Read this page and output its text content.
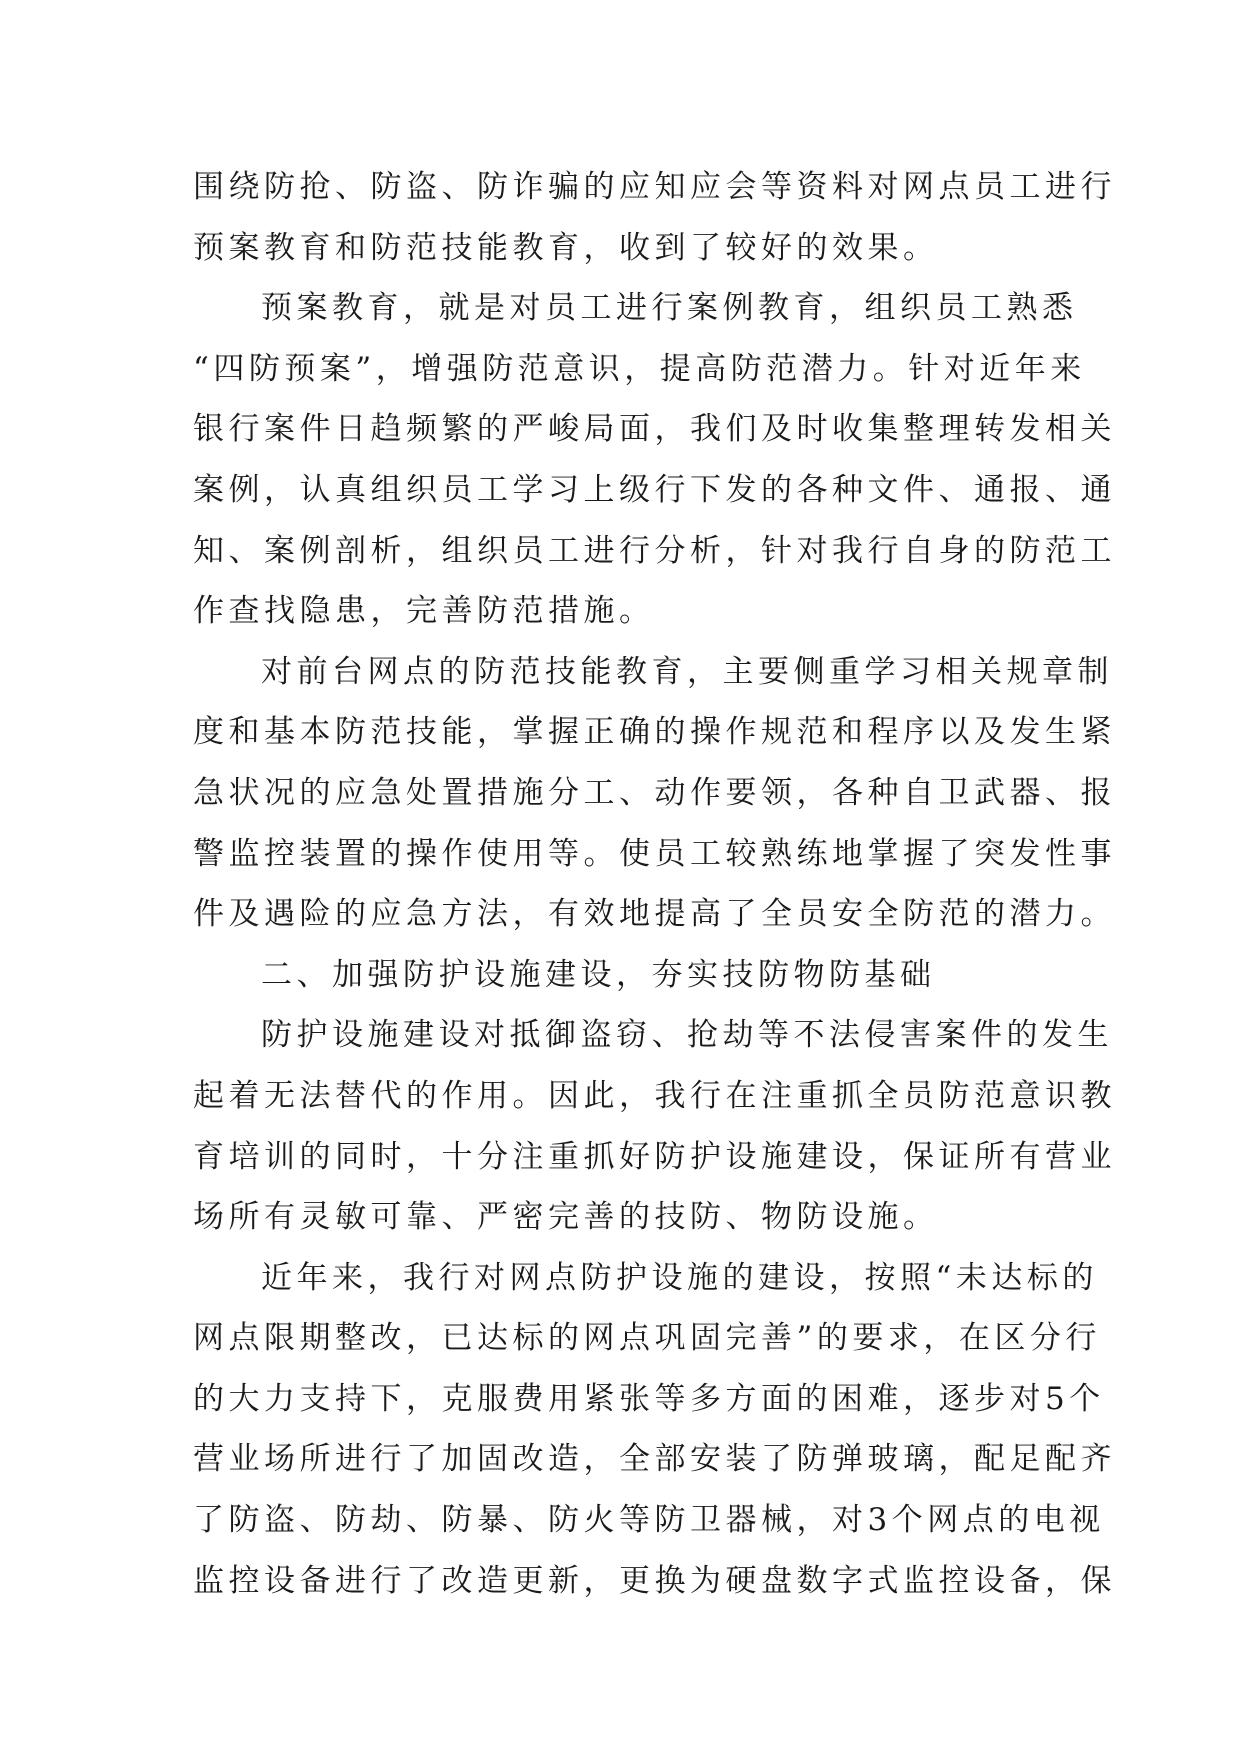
围绕防抢、防盗、防诈骗的应知应会等资料对网点员工进行
预案教育和防范技能教育，收到了较好的效果。
预案教育，就是对员工进行案例教育，组织员工熟悉
“四防预案”，增强防范意识，提高防范潜力。针对近年来
银行案件日趋频繁的严峻局面，我们及时收集整理转发相关
案例，认真组织员工学习上级行下发的各种文件、通报、通
知、案例剖析，组织员工进行分析，针对我行自身的防范工
作查找隐患，完善防范措施。
对前台网点的防范技能教育，主要侧重学习相关规章制
度和基本防范技能，掌握正确的操作规范和程序以及发生紧
急状况的应急处置措施分工、动作要领，各种自卫武器、报
警监控装置的操作使用等。使员工较熟练地掌握了突发性事
件及遇险的应急方法，有效地提高了全员安全防范的潜力。
二、加强防护设施建设，夯实技防物防基础
防护设施建设对抵御盗窃、抢劫等不法侵害案件的发生
起着无法替代的作用。因此，我行在注重抓全员防范意识教
育培训的同时，十分注重抓好防护设施建设，保证所有营业
场所有灵敏可靠、严密完善的技防、物防设施。
近年来，我行对网点防护设施的建设，按照“未达标的
网点限期整改，已达标的网点巩固完善”的要求，在区分行
的大力支持下，克服费用紧张等多方面的困难，逐步对5个
营业场所进行了加固改造，全部安装了防弹玻璃，配足配齐
了防盗、防劫、防暴、防火等防卫器械，对3个网点的电视
监控设备进行了改造更新，更换为硬盘数字式监控设备，保
